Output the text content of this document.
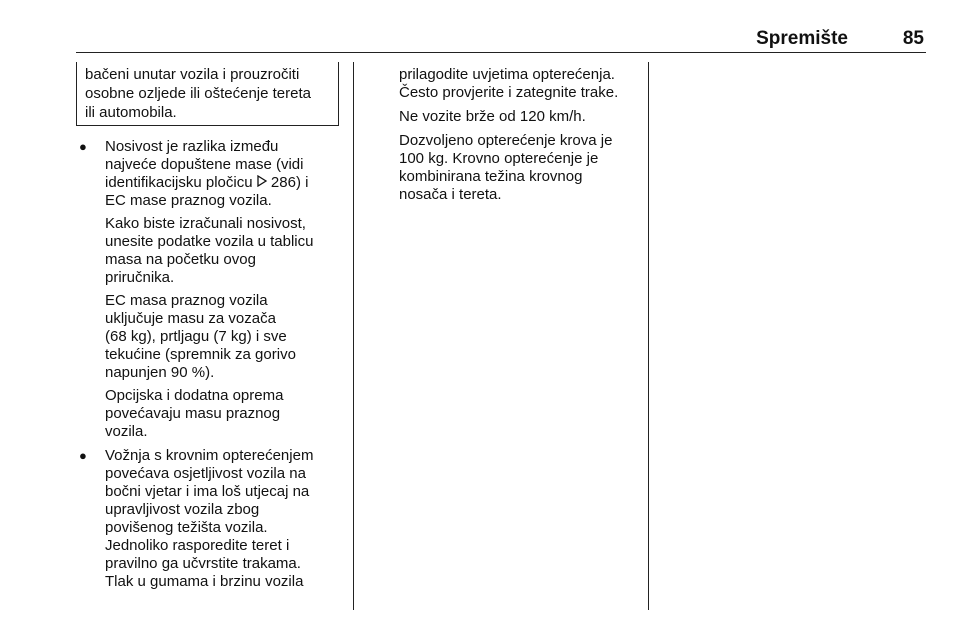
Spremište	85

bačeni unutar vozila i prouzročiti
osobne ozljede ili oštećenje tereta
ili automobila.

● Nosivost je razlika između
najveće dopuštene mase (vidi
identifikacijsku pločicu  286) i
EC mase praznog vozila.

Kako biste izračunali nosivost,
unesite podatke vozila u tablicu
masa na početku ovog
priručnika.

EC masa praznog vozila
uključuje masu za vozača
(68 kg), prtljagu (7 kg) i sve
tekućine (spremnik za gorivo
napunjen 90 %).

Opcijska i dodatna oprema
povećavaju masu praznog
vozila.

● Vožnja s krovnim opterećenjem
povećava osjetljivost vozila na
bočni vjetar i ima loš utjecaj na
upravljivost vozila zbog
povišenog težišta vozila.
Jednoliko rasporedite teret i
pravilno ga učvrstite trakama.
Tlak u gumama i brzinu vozila

prilagodite uvjetima opterećenja.
Često provjerite i zategnite trake.

Ne vozite brže od 120 km/h.

Dozvoljeno opterećenje krova je
100 kg. Krovno opterećenje je
kombinirana težina krovnog
nosača i tereta.
